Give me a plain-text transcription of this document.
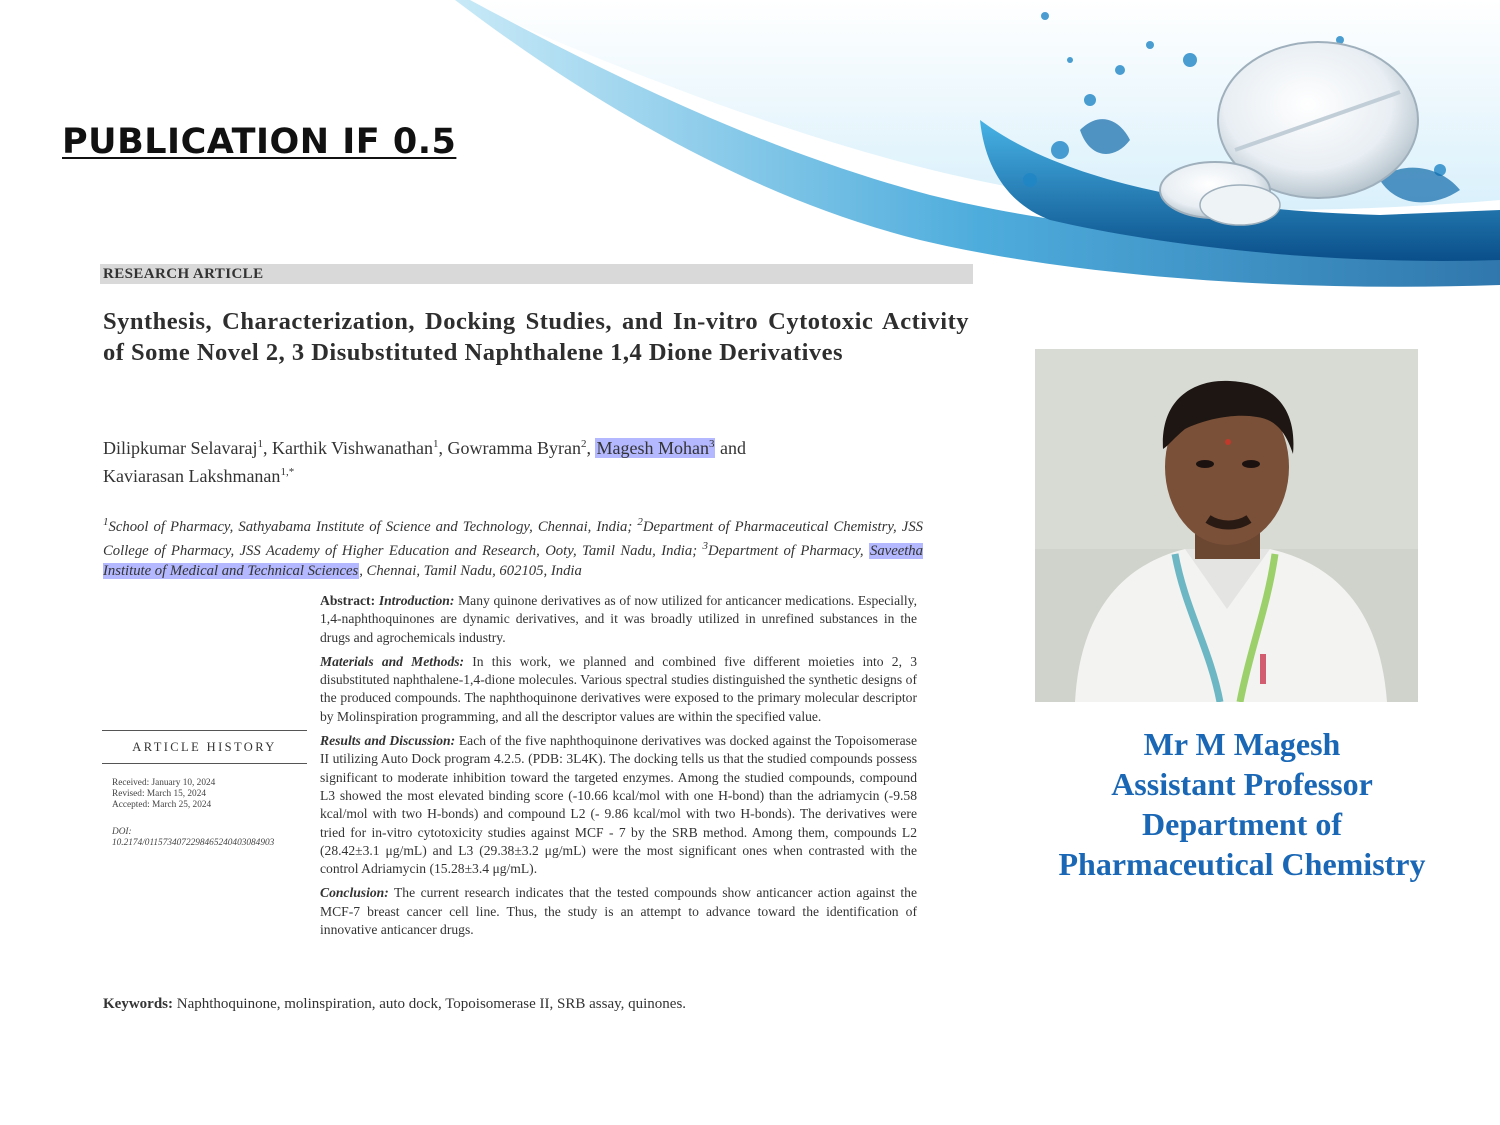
PUBLICATION IF 0.5
RESEARCH ARTICLE
Synthesis, Characterization, Docking Studies, and In-vitro Cytotoxic Activity of Some Novel 2, 3 Disubstituted Naphthalene 1,4 Dione Derivatives
Dilipkumar Selavaraj$^1$, Karthik Vishwanathan$^1$, Gowramma Byran$^2$, Magesh Mohan$^3$ and
Kaviarasan Lakshmanan$^{1,*}$
$^1$School of Pharmacy, Sathyabama Institute of Science and Technology, Chennai, India; $^2$Department of Pharmaceutical Chemistry, JSS College of Pharmacy, JSS Academy of Higher Education and Research, Ooty, Tamil Nadu, India; $^3$Department of Pharmacy, Saveetha Institute of Medical and Technical Sciences, Chennai, Tamil Nadu, 602105, India
ARTICLE HISTORY
Received: January 10, 2024
Revised: March 15, 2024
Accepted: March 25, 2024
DOI:
10.2174/0115734072298465240403084903

Abstract: Introduction: Many quinone derivatives as of now utilized for anticancer medications. Especially, 1,4-naphthoquinones are dynamic derivatives, and it was broadly utilized in unrefined substances in the drugs and agrochemicals industry.

Materials and Methods: In this work, we planned and combined five different moieties into 2, 3 disubstituted naphthalene-1,4-dione molecules. Various spectral studies distinguished the synthetic designs of the produced compounds. The naphthoquinone derivatives were exposed to the primary molecular descriptor by Molinspiration programming, and all the descriptor values are within the specified value.

Results and Discussion: Each of the five naphthoquinone derivatives was docked against the Topoisomerase II utilizing Auto Dock program 4.2.5. (PDB: 3L4K). The docking tells us that the studied compounds possess significant to moderate inhibition toward the targeted enzymes. Among the studied compounds, compound L3 showed the most elevated binding score (-10.66 kcal/mol with one H-bond) than the adriamycin (-9.58 kcal/mol with two H-bonds) and compound L2 (- 9.86 kcal/mol with two H-bonds). The derivatives were tried for in-vitro cytotoxicity studies against MCF - 7 by the SRB method. Among them, compounds L2 (28.42±3.1 μg/mL) and L3 (29.38±3.2 μg/mL) were the most significant ones when contrasted with the control Adriamycin (15.28±3.4 μg/mL).

Conclusion: The current research indicates that the tested compounds show anticancer action against the MCF-7 breast cancer cell line. Thus, the study is an attempt to advance toward the identification of innovative anticancer drugs.

Keywords: Naphthoquinone, molinspiration, auto dock, Topoisomerase II, SRB assay, quinones.
Mr M Magesh
Assistant Professor
Department of
Pharmaceutical Chemistry
